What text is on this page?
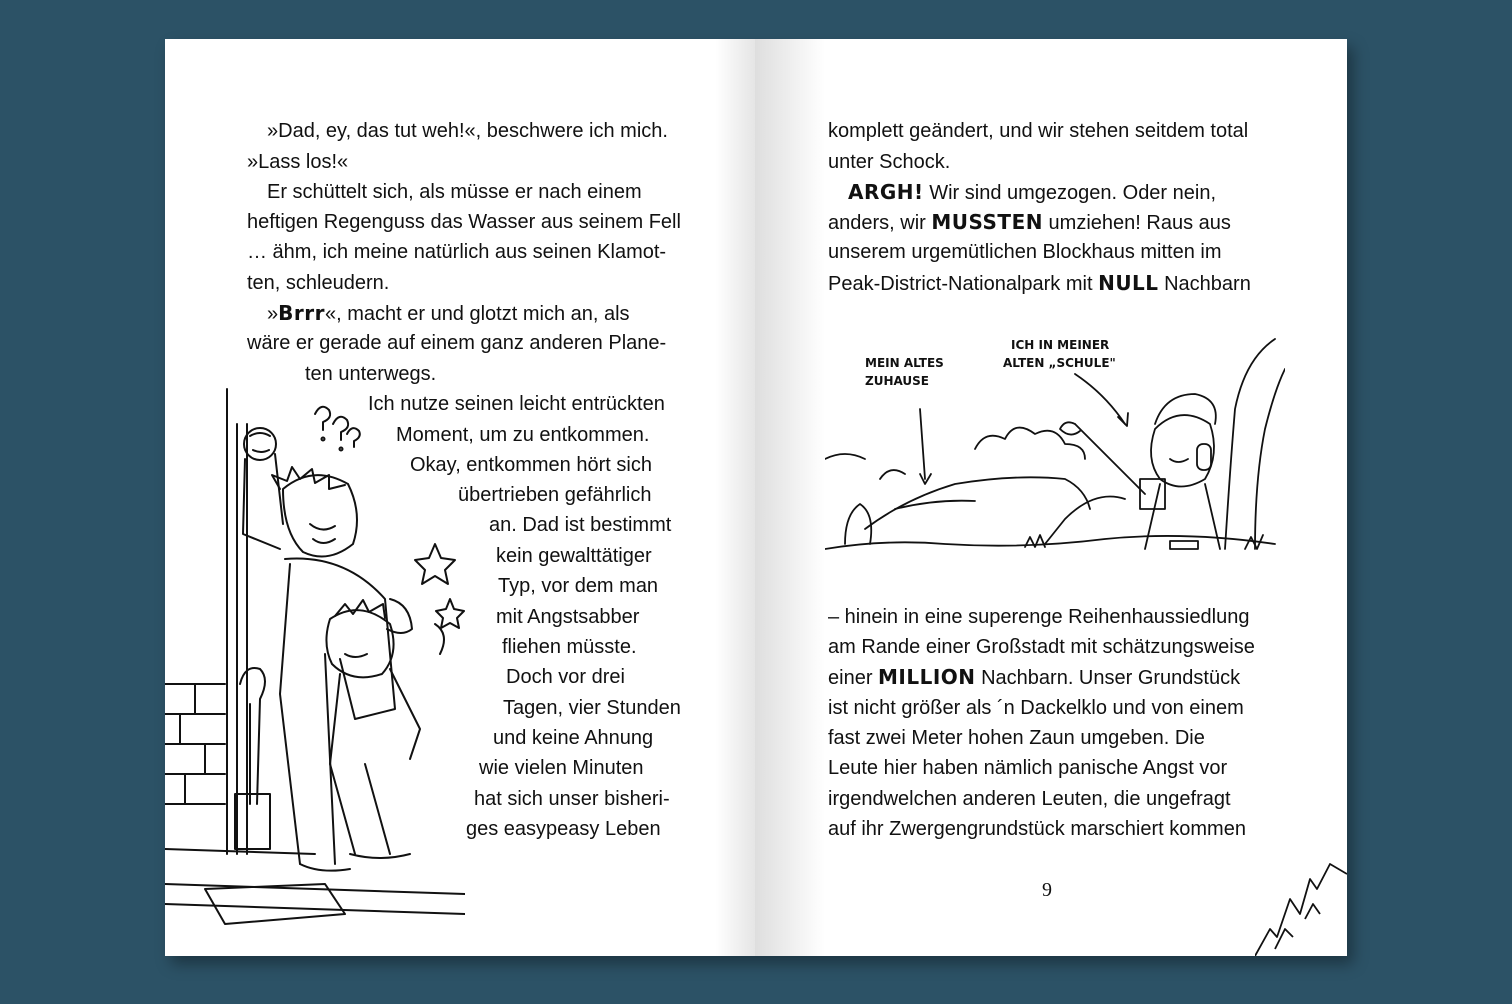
»Dad, ey, das tut weh!«, beschwere ich mich.
»Lass los!«
Er schüttelt sich, als müsse er nach einem
heftigen Regenguss das Wasser aus seinem Fell
… ähm, ich meine natürlich aus seinen Klamot-
ten, schleudern.
»Brrr«, macht er und glotzt mich an, als
wäre er gerade auf einem ganz anderen Plane-
ten unterwegs.
Ich nutze seinen leicht entrückten
Moment, um zu entkommen.
Okay, entkommen hört sich
übertrieben gefährlich
an. Dad ist bestimmt
kein gewalttätiger
Typ, vor dem man
mit Angstsabber
fliehen müsste.
Doch vor drei
Tagen, vier Stunden
und keine Ahnung
wie vielen Minuten
hat sich unser bisheri-
ges easypeasy Leben
komplett geändert, und wir stehen seitdem total
unter Schock.
ARGH! Wir sind umgezogen. Oder nein,
anders, wir MUSSTEN umziehen! Raus aus
unserem urgemütlichen Blockhaus mitten im
Peak-District-Nationalpark mit NULL Nachbarn
MEIN ALTES
ZUHAUSE
ICH IN MEINER
ALTEN „SCHULE"
– hinein in eine superenge Reihenhaussiedlung
am Rande einer Großstadt mit schätzungsweise
einer MILLION Nachbarn. Unser Grundstück
ist nicht größer als ´n Dackelklo und von einem
fast zwei Meter hohen Zaun umgeben. Die
Leute hier haben nämlich panische Angst vor
irgendwelchen anderen Leuten, die ungefragt
auf ihr Zwergengrundstück marschiert kommen
9
